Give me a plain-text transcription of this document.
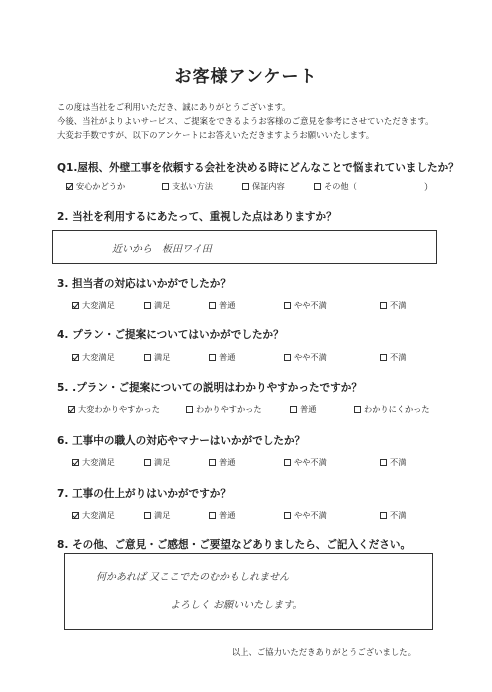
お客様アンケート
この度は当社をご利用いただき、誠にありがとうございます。
今後、当社がよりよいサービス、ご提案をできるようお客様のご意見を参考にさせていただきます。
大変お手数ですが、以下のアンケートにお答えいただきますようお願いいたします。
Q1.屋根、外壁工事を依頼する会社を決める時にどんなことで悩まれていましたか？
安心かどうか	支払い方法	保証内容	その他（	）
2. 当社を利用するにあたって、重視した点はありますか？
近いから　板田ワイ田
3. 担当者の対応はいかがでしたか？
大変満足	満足	普通	やや不満	不満
4. プラン・ご提案についてはいかがでしたか？
大変満足	満足	普通	やや不満	不満
5. .プラン・ご提案についての説明はわかりやすかったですか？
大変わかりやすかった	わかりやすかった	普通	わかりにくかった
6. 工事中の職人の対応やマナーはいかがでしたか？
大変満足	満足	普通	やや不満	不満
7. 工事の仕上がりはいかがですか？
大変満足	満足	普通	やや不満	不満
8. その他、ご意見・ご感想・ご要望などありましたら、ご記入ください。
何かあれば 又ここでたのむかもしれません
よろしく お願いいたします。
以上、ご協力いただきありがとうございました。
